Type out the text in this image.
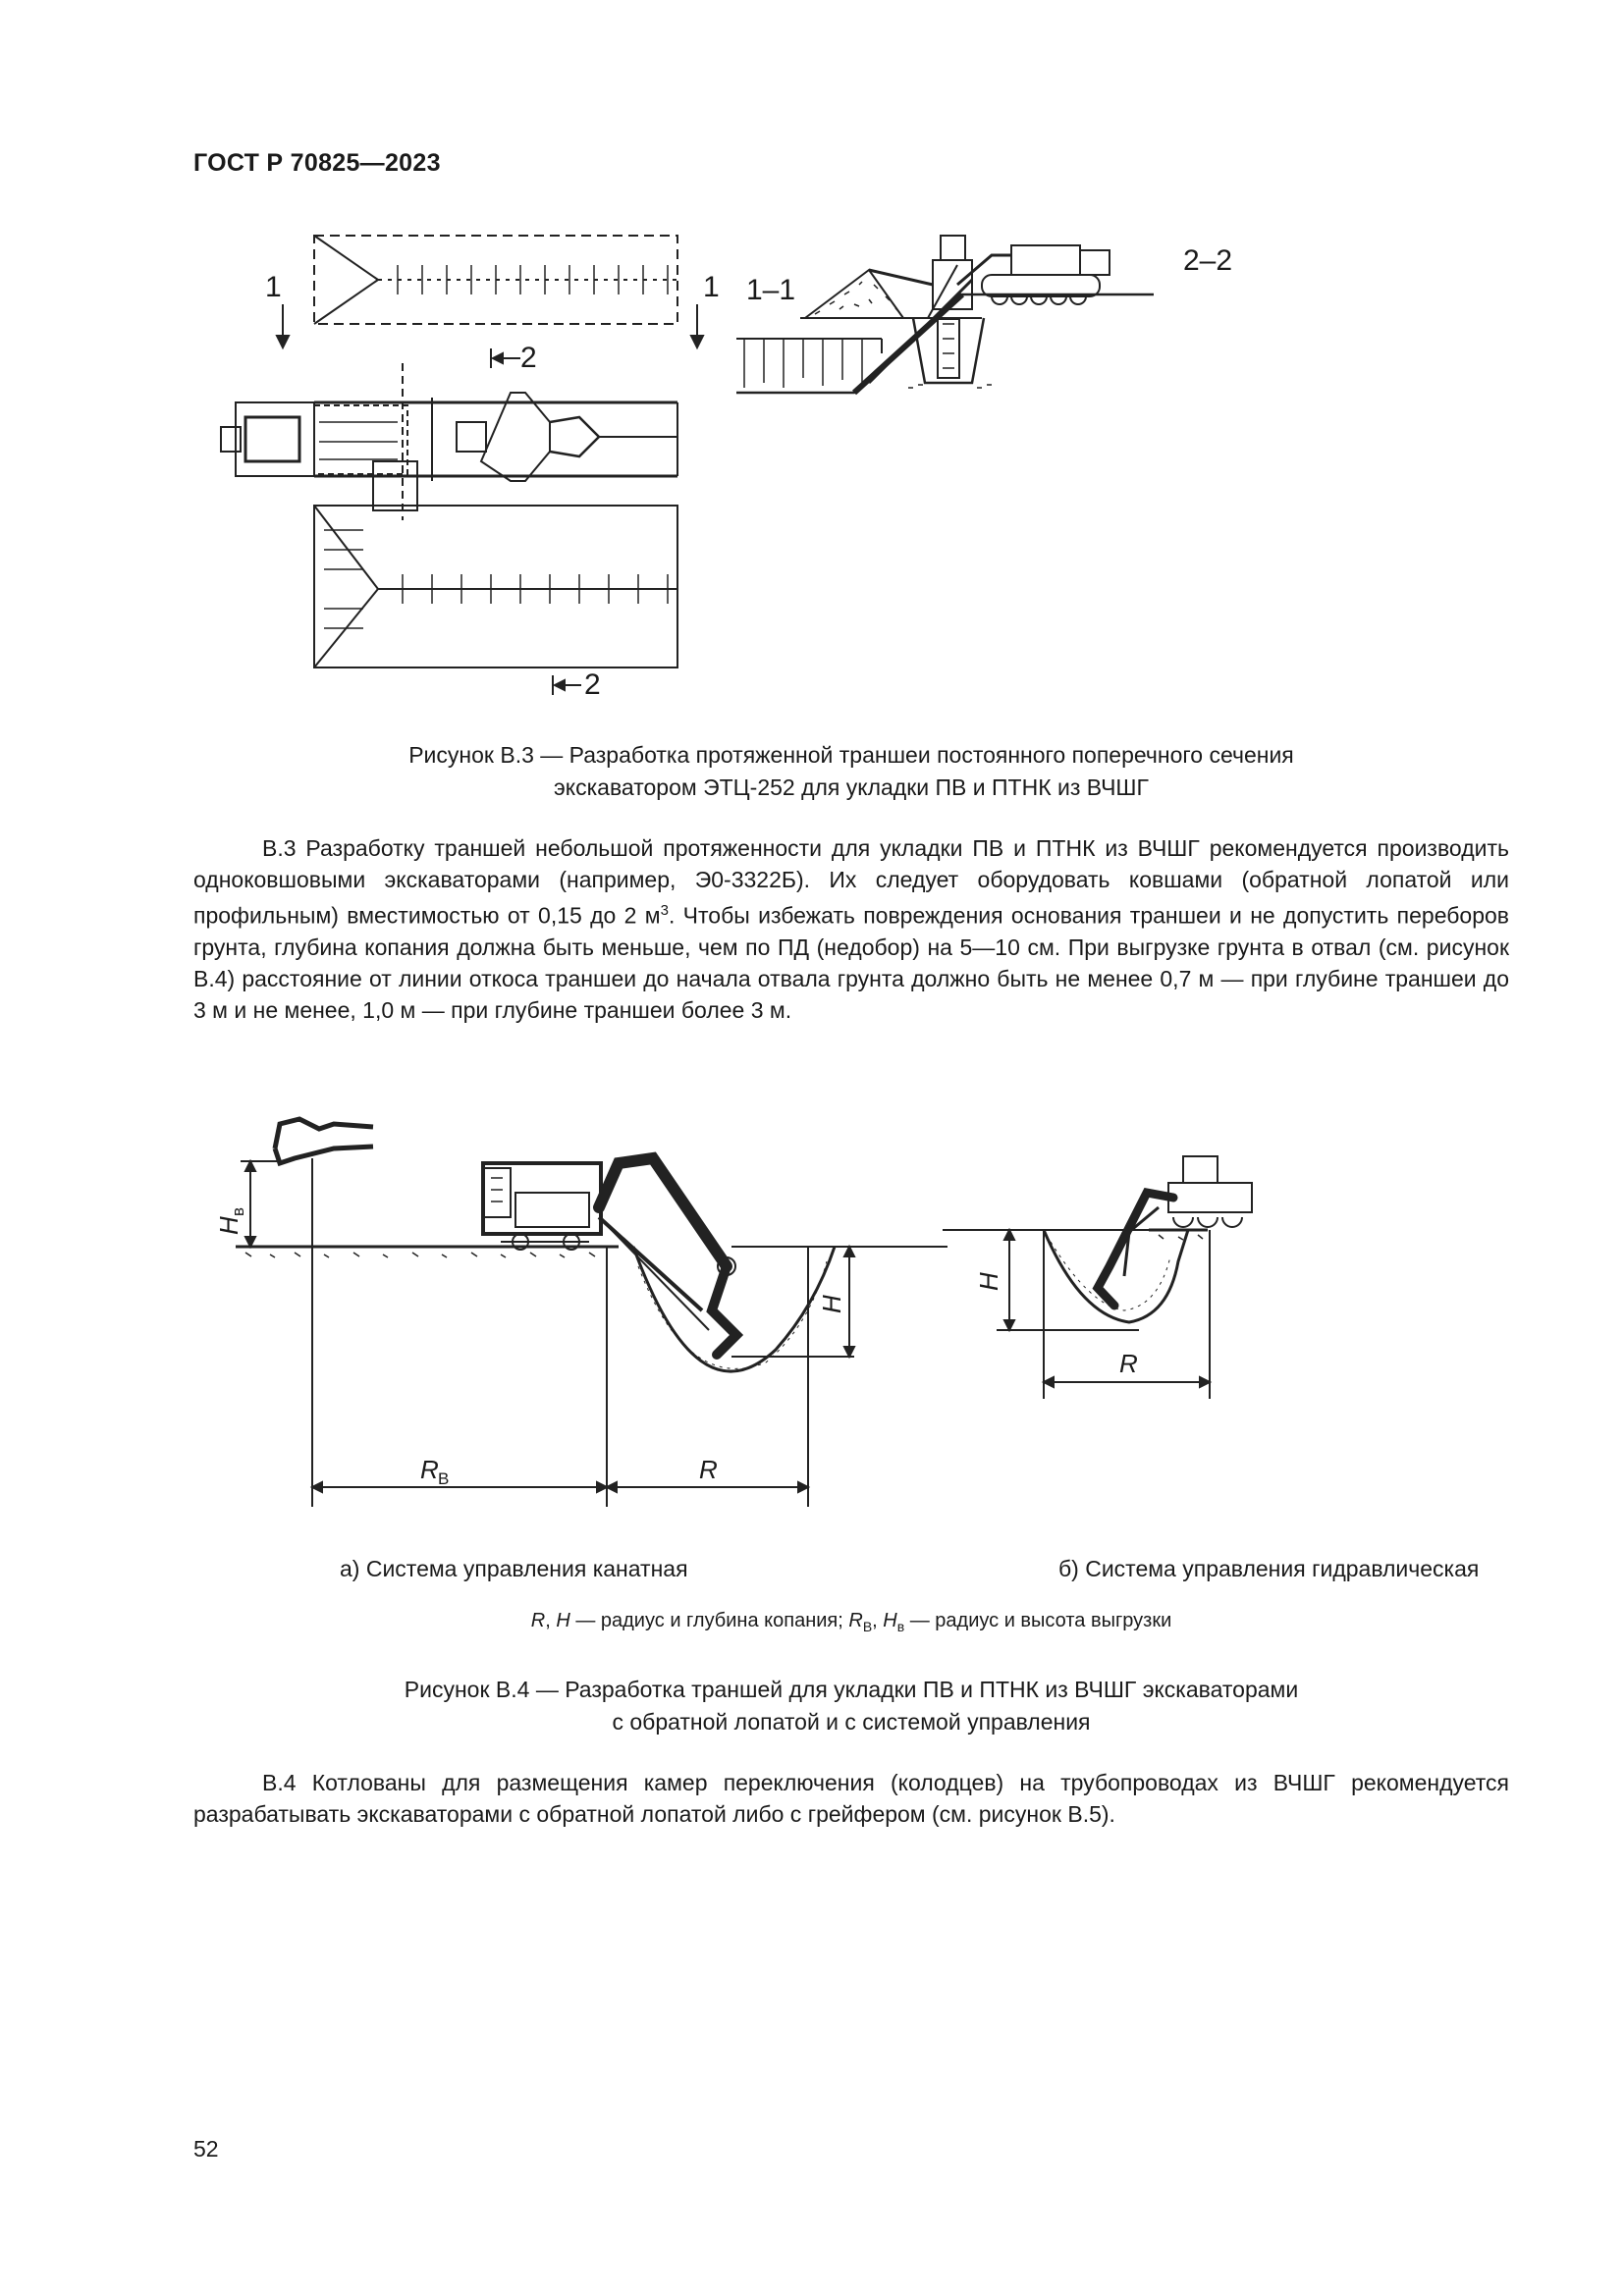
ГОСТ Р 70825—2023
1	1
2
2
1–1
2–2
Рисунок В.3 — Разработка протяженной траншеи постоянного поперечного сечения
экскаватором ЭТЦ-252 для укладки ПВ и ПТНК из ВЧШГ

В.3 Разработку траншей небольшой протяженности для укладки ПВ и ПТНК из ВЧШГ рекомендуется производить одноковшовыми экскаваторами (например, Э0-3322Б). Их следует оборудовать ковшами (обратной лопатой или профильным) вместимостью от 0,15 до 2 $м^3$. Чтобы избежать повреждения основания траншеи и не допустить переборов грунта, глубина копания должна быть меньше, чем по ПД (недобор) на 5—10 см. При выгрузке грунта в отвал (см. рисунок В.4) расстояние от линии откоса траншеи до начала отвала грунта должно быть не менее 0,7 м — при глубине траншеи до 3 м и не менее, 1,0 м — при глубине траншеи более 3 м.

H
в
H
R В	R
H
R
а) Система управления канатная	б) Система управления гидравлическая
R, H — радиус и глубина копания; $R_В$, $H_в$ — радиус и высота выгрузки
Рисунок В.4 — Разработка траншей для укладки ПВ и ПТНК из ВЧШГ экскаваторами
с обратной лопатой и с системой управления

В.4 Котлованы для размещения камер переключения (колодцев) на трубопроводах из ВЧШГ рекомендуется разрабатывать экскаваторами с обратной лопатой либо с грейфером (см. рисунок В.5).

52
